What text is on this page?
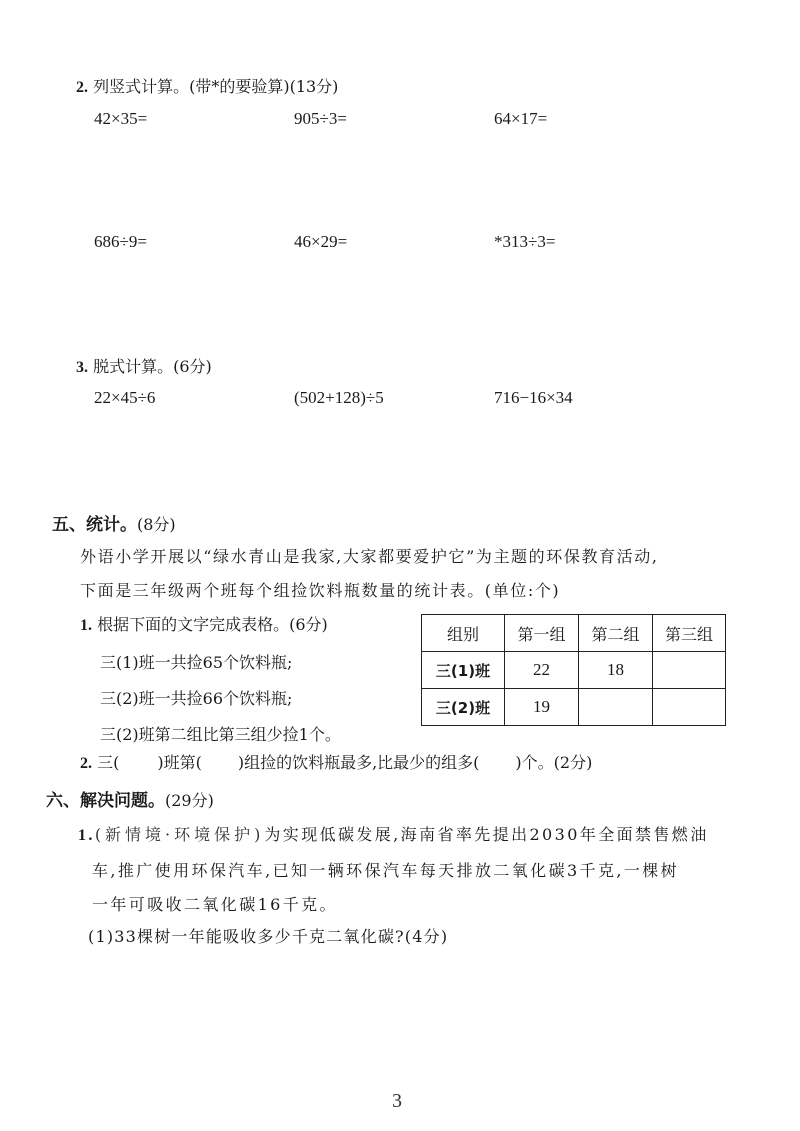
2. 列竖式计算。(带*的要验算)(13分)
42×35=	905÷3=	64×17=
686÷9=	46×29=	*313÷3=
3. 脱式计算。(6分)
22×45÷6	(502+128)÷5	716−16×34
五、统计。(8分)
外语小学开展以“绿水青山是我家,大家都要爱护它”为主题的环保教育活动,
下面是三年级两个班每个组捡饮料瓶数量的统计表。(单位:个)
1. 根据下面的文字完成表格。(6分)
三(1)班一共捡65个饮料瓶;
三(2)班一共捡66个饮料瓶;
三(2)班第二组比第三组少捡1个。
组别	第一组	第二组	第三组
三(1)班	22	18	
三(2)班	19		
2. 三( )班第( )组捡的饮料瓶最多,比最少的组多( )个。(2分)
六、解决问题。(29分)
1.(新情境·环境保护)为实现低碳发展,海南省率先提出2030年全面禁售燃油
车,推广使用环保汽车,已知一辆环保汽车每天排放二氧化碳3千克,一棵树
一年可吸收二氧化碳16千克。
(1)33棵树一年能吸收多少千克二氧化碳?(4分)
3
